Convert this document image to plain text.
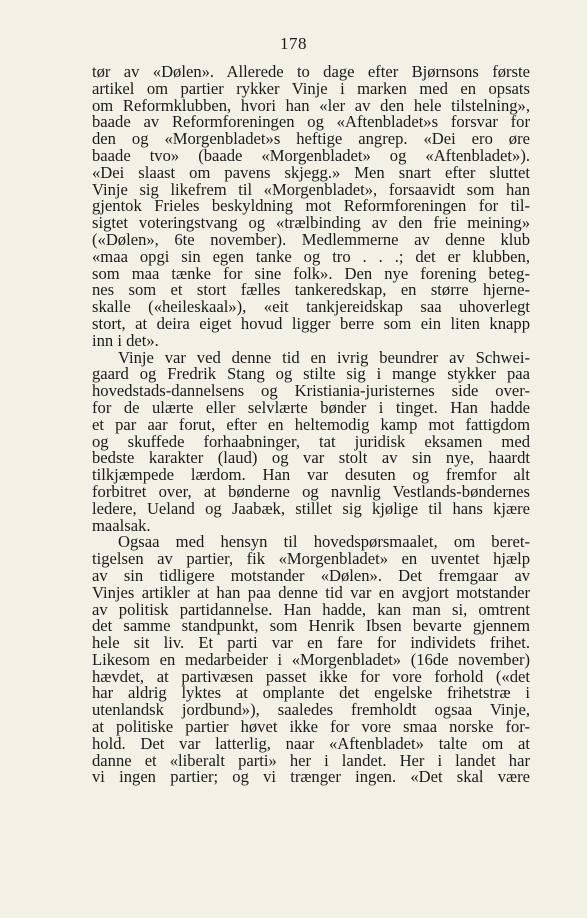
178
tør av «Dølen». Allerede to dage efter Bjørnsons første
artikel om partier rykker Vinje i marken med en opsats
om Reformklubben, hvori han «ler av den hele tilstelning»,
baade av Reformforeningen og «Aftenbladet»s forsvar for
den og «Morgenbladet»s heftige angrep. «Dei ero øre
baade tvo» (baade «Morgenbladet» og «Aftenbladet»).
«Dei slaast om pavens skjegg.» Men snart efter sluttet
Vinje sig likefrem til «Morgenbladet», forsaavidt som han
gjentok Frieles beskyldning mot Reformforeningen for til-
sigtet voteringstvang og «trælbinding av den frie meining»
(«Dølen», 6te november). Medlemmerne av denne klub
«maa opgi sin egen tanke og tro . . .; det er klubben,
som maa tænke for sine folk». Den nye forening beteg-
nes som et stort fælles tankeredskap, en større hjerne-
skalle («heileskaal»), «eit tankjereidskap saa uhoverlegt
stort, at deira eiget hovud ligger berre som ein liten knapp
inn i det».
Vinje var ved denne tid en ivrig beundrer av Schwei-
gaard og Fredrik Stang og stilte sig i mange stykker paa
hovedstads-dannelsens og Kristiania-juristernes side over-
for de ulærte eller selvlærte bønder i tinget. Han hadde
et par aar forut, efter en heltemodig kamp mot fattigdom
og skuffede forhaabninger, tat juridisk eksamen med
bedste karakter (laud) og var stolt av sin nye, haardt
tilkjæmpede lærdom. Han var desuten og fremfor alt
forbitret over, at bønderne og navnlig Vestlands-bøndernes
ledere, Ueland og Jaabæk, stillet sig kjølige til hans kjære
maalsak.
Ogsaa med hensyn til hovedspørsmaalet, om beret-
tigelsen av partier, fik «Morgenbladet» en uventet hjælp
av sin tidligere motstander «Dølen». Det fremgaar av
Vinjes artikler at han paa denne tid var en avgjort motstander
av politisk partidannelse. Han hadde, kan man si, omtrent
det samme standpunkt, som Henrik Ibsen bevarte gjennem
hele sit liv. Et parti var en fare for individets frihet.
Likesom en medarbeider i «Morgenbladet» (16de november)
hævdet, at partivæsen passet ikke for vore forhold («det
har aldrig lyktes at omplante det engelske frihetstræ i
utenlandsk jordbund»), saaledes fremholdt ogsaa Vinje,
at politiske partier høvet ikke for vore smaa norske for-
hold. Det var latterlig, naar «Aftenbladet» talte om at
danne et «liberalt parti» her i landet. Her i landet har
vi ingen partier; og vi trænger ingen. «Det skal være
